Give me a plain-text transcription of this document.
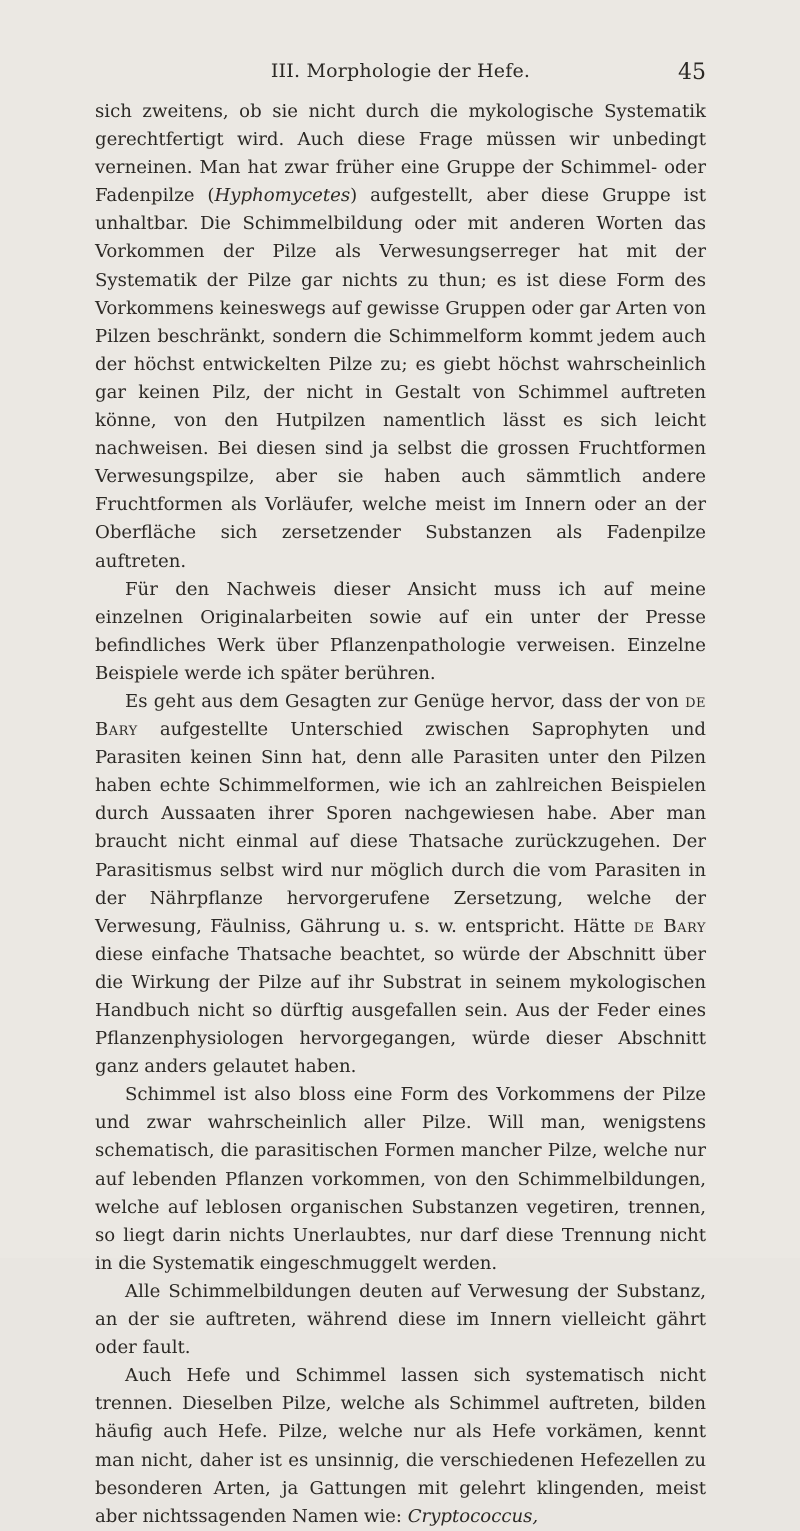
III. Morphologie der Hefe.	45

sich zweitens, ob sie nicht durch die mykologische Systematik gerechtfertigt wird. Auch diese Frage müssen wir unbedingt verneinen. Man hat zwar früher eine Gruppe der Schimmel- oder Fadenpilze (Hyphomycetes) aufgestellt, aber diese Gruppe ist unhaltbar. Die Schimmelbildung oder mit anderen Worten das Vorkommen der Pilze als Verwesungserreger hat mit der Systematik der Pilze gar nichts zu thun; es ist diese Form des Vorkommens keineswegs auf gewisse Gruppen oder gar Arten von Pilzen beschränkt, sondern die Schimmelform kommt jedem auch der höchst entwickelten Pilze zu; es giebt höchst wahrscheinlich gar keinen Pilz, der nicht in Gestalt von Schimmel auftreten könne, von den Hutpilzen namentlich lässt es sich leicht nachweisen. Bei diesen sind ja selbst die grossen Fruchtformen Verwesungspilze, aber sie haben auch sämmtlich andere Fruchtformen als Vorläufer, welche meist im Innern oder an der Oberfläche sich zersetzender Substanzen als Fadenpilze auftreten.

Für den Nachweis dieser Ansicht muss ich auf meine einzelnen Originalarbeiten sowie auf ein unter der Presse befindliches Werk über Pflanzenpathologie verweisen. Einzelne Beispiele werde ich später berühren.

Es geht aus dem Gesagten zur Genüge hervor, dass der von de Bary aufgestellte Unterschied zwischen Saprophyten und Parasiten keinen Sinn hat, denn alle Parasiten unter den Pilzen haben echte Schimmelformen, wie ich an zahlreichen Beispielen durch Aussaaten ihrer Sporen nachgewiesen habe. Aber man braucht nicht einmal auf diese Thatsache zurückzugehen. Der Parasitismus selbst wird nur möglich durch die vom Parasiten in der Nährpflanze hervorgerufene Zersetzung, welche der Verwesung, Fäulniss, Gährung u. s. w. entspricht. Hätte de Bary diese einfache Thatsache beachtet, so würde der Abschnitt über die Wirkung der Pilze auf ihr Substrat in seinem mykologischen Handbuch nicht so dürftig ausgefallen sein. Aus der Feder eines Pflanzenphysiologen hervorgegangen, würde dieser Abschnitt ganz anders gelautet haben.

Schimmel ist also bloss eine Form des Vorkommens der Pilze und zwar wahrscheinlich aller Pilze. Will man, wenigstens schematisch, die parasitischen Formen mancher Pilze, welche nur auf lebenden Pflanzen vorkommen, von den Schimmelbildungen, welche auf leblosen organischen Substanzen vegetiren, trennen, so liegt darin nichts Unerlaubtes, nur darf diese Trennung nicht in die Systematik eingeschmuggelt werden.

Alle Schimmelbildungen deuten auf Verwesung der Substanz, an der sie auftreten, während diese im Innern vielleicht gährt oder fault.

Auch Hefe und Schimmel lassen sich systematisch nicht trennen. Dieselben Pilze, welche als Schimmel auftreten, bilden häufig auch Hefe. Pilze, welche nur als Hefe vorkämen, kennt man nicht, daher ist es unsinnig, die verschiedenen Hefezellen zu besonderen Arten, ja Gattungen mit gelehrt klingenden, meist aber nichtssagenden Namen wie: Cryptococcus,
